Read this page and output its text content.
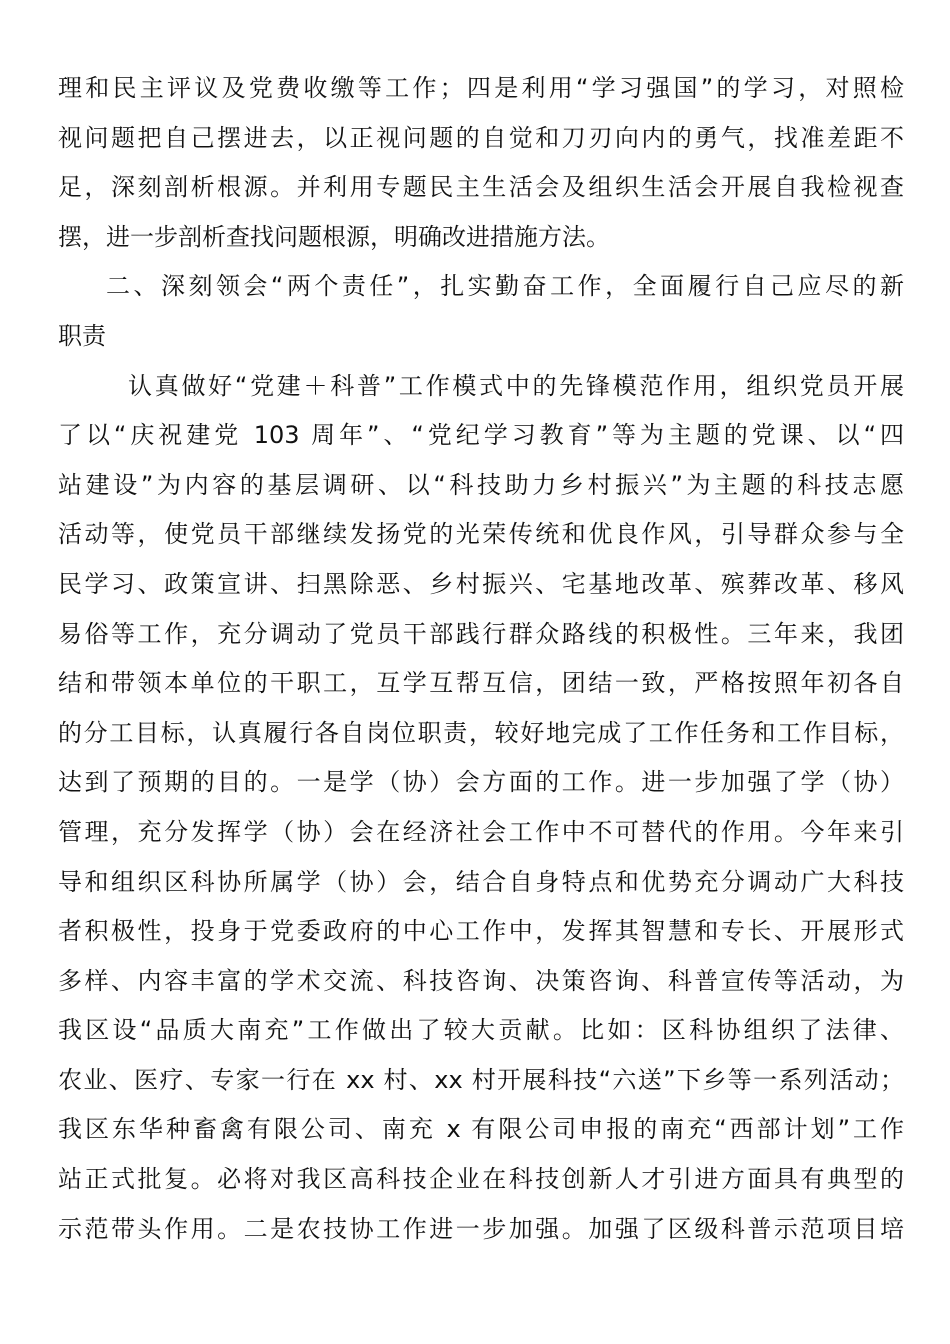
理和民主评议及党费收缴等工作；四是利用“学习强国”的学习，对照检
视问题把自己摆进去，以正视问题的自觉和刀刃向内的勇气，找准差距不
足，深刻剖析根源。并利用专题民主生活会及组织生活会开展自我检视查
摆，进一步剖析查找问题根源，明确改进措施方法。
二、深刻领会“两个责任”，扎实勤奋工作，全面履行自己应尽的新
职责
认真做好“党建＋科普”工作模式中的先锋模范作用，组织党员开展
了以“庆祝建党 103 周年”、“党纪学习教育”等为主题的党课、以“四
站建设”为内容的基层调研、以“科技助力乡村振兴”为主题的科技志愿
活动等，使党员干部继续发扬党的光荣传统和优良作风，引导群众参与全
民学习、政策宣讲、扫黑除恶、乡村振兴、宅基地改革、殡葬改革、移风
易俗等工作，充分调动了党员干部践行群众路线的积极性。三年来，我团
结和带领本单位的干职工，互学互帮互信，团结一致，严格按照年初各自
的分工目标，认真履行各自岗位职责，较好地完成了工作任务和工作目标，
达到了预期的目的。一是学（协）会方面的工作。进一步加强了学（协）
管理，充分发挥学（协）会在经济社会工作中不可替代的作用。今年来引
导和组织区科协所属学（协）会，结合自身特点和优势充分调动广大科技
者积极性，投身于党委政府的中心工作中，发挥其智慧和专长、开展形式
多样、内容丰富的学术交流、科技咨询、决策咨询、科普宣传等活动，为
我区设“品质大南充”工作做出了较大贡献。比如：区科协组织了法律、
农业、医疗、专家一行在 xx 村、xx 村开展科技“六送”下乡等一系列活动；
我区东华种畜禽有限公司、南充 x 有限公司申报的南充“西部计划”工作
站正式批复。必将对我区高科技企业在科技创新人才引进方面具有典型的
示范带头作用。二是农技协工作进一步加强。加强了区级科普示范项目培
